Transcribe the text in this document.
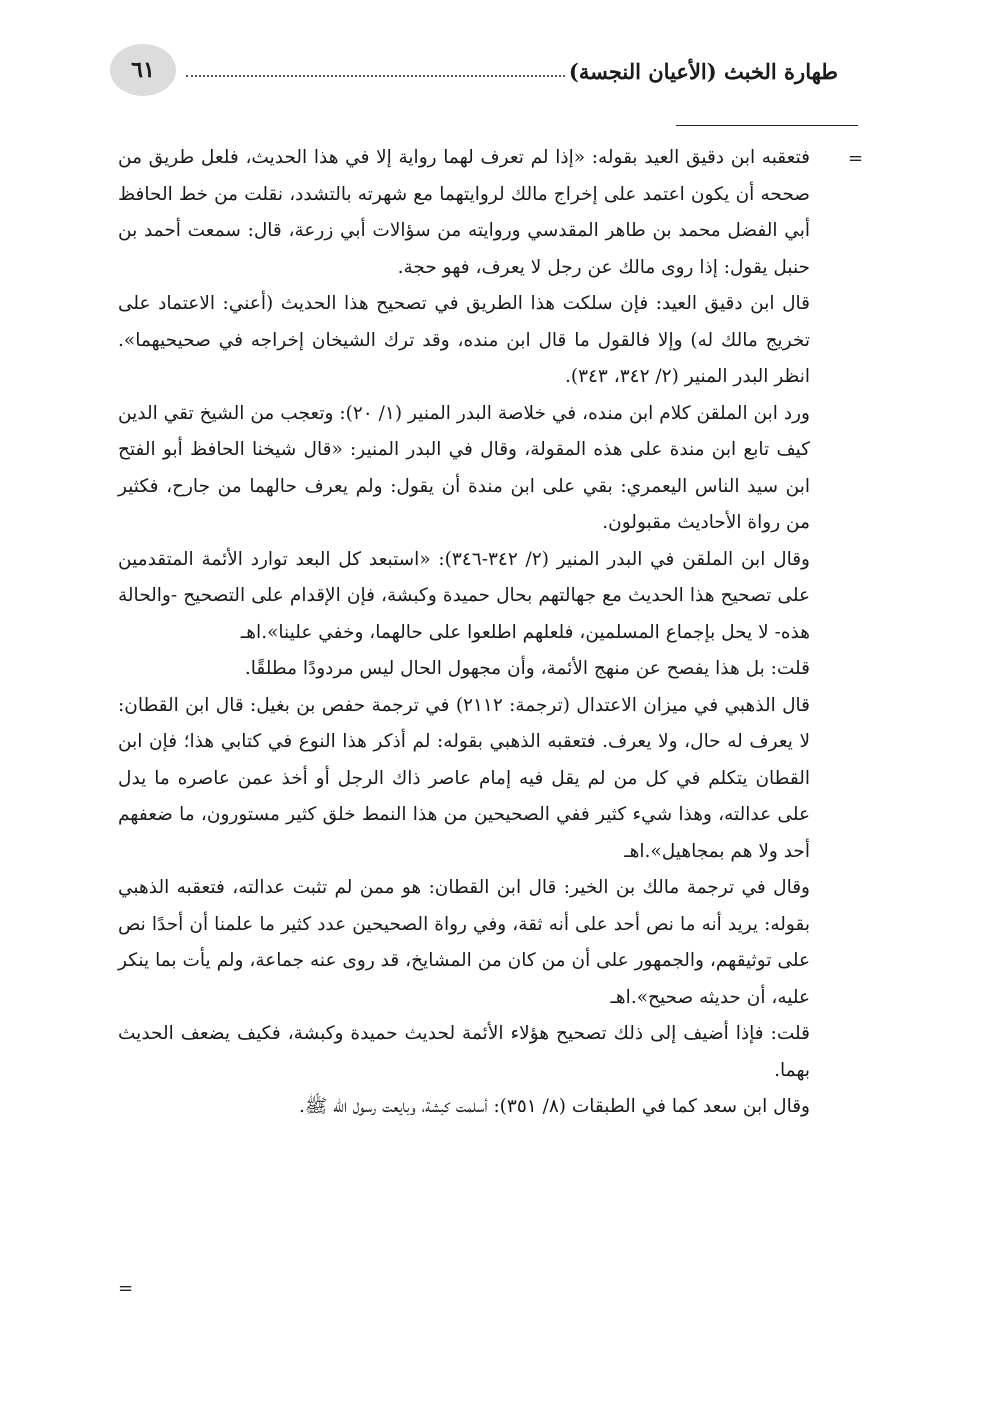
٦١	طهارة الخبث (الأعيان النجسة)
=

فتعقبه ابن دقيق العيد بقوله: «إذا لم تعرف لهما رواية إلا في هذا الحديث، فلعل طريق من صححه أن يكون اعتمد على إخراج مالك لروايتهما مع شهرته بالتشدد، نقلت من خط الحافظ أبي الفضل محمد بن طاهر المقدسي وروايته من سؤالات أبي زرعة، قال: سمعت أحمد بن حنبل يقول: إذا روى مالك عن رجل لا يعرف، فهو حجة.

قال ابن دقيق العيد: فإن سلكت هذا الطريق في تصحيح هذا الحديث (أعني: الاعتماد على تخريج مالك له) وإلا فالقول ما قال ابن منده، وقد ترك الشيخان إخراجه في صحيحيهما». انظر البدر المنير (٢/ ٣٤٢، ٣٤٣).

ورد ابن الملقن كلام ابن منده، في خلاصة البدر المنير (١/ ٢٠): وتعجب من الشيخ تقي الدين كيف تابع ابن مندة على هذه المقولة، وقال في البدر المنير: «قال شيخنا الحافظ أبو الفتح ابن سيد الناس اليعمري: بقي على ابن مندة أن يقول: ولم يعرف حالهما من جارح، فكثير من رواة الأحاديث مقبولون.

وقال ابن الملقن في البدر المنير (٢/ ٣٤٢-٣٤٦): «استبعد كل البعد توارد الأئمة المتقدمين على تصحيح هذا الحديث مع جهالتهم بحال حميدة وكبشة، فإن الإقدام على التصحيح -والحالة هذه- لا يحل بإجماع المسلمين، فلعلهم اطلعوا على حالهما، وخفي علينا».اهـ

قلت: بل هذا يفصح عن منهج الأئمة، وأن مجهول الحال ليس مردودًا مطلقًا.

قال الذهبي في ميزان الاعتدال (ترجمة: ٢١١٢) في ترجمة حفص بن بغيل: قال ابن القطان: لا يعرف له حال، ولا يعرف. فتعقبه الذهبي بقوله: لم أذكر هذا النوع في كتابي هذا؛ فإن ابن القطان يتكلم في كل من لم يقل فيه إمام عاصر ذاك الرجل أو أخذ عمن عاصره ما يدل على عدالته، وهذا شيء كثير ففي الصحيحين من هذا النمط خلق كثير مستورون، ما ضعفهم أحد ولا هم بمجاهيل».اهـ

وقال في ترجمة مالك بن الخير: قال ابن القطان: هو ممن لم تثبت عدالته، فتعقبه الذهبي بقوله: يريد أنه ما نص أحد على أنه ثقة، وفي رواة الصحيحين عدد كثير ما علمنا أن أحدًا نص على توثيقهم، والجمهور على أن من كان من المشايخ، قد روى عنه جماعة، ولم يأت بما ينكر عليه، أن حديثه صحيح».اهـ

قلت: فإذا أضيف إلى ذلك تصحيح هؤلاء الأئمة لحديث حميدة وكبشة، فكيف يضعف الحديث بهما.

وقال ابن سعد كما في الطبقات (٨/ ٣٥١): أسلمت كبشة، وبايعت رسول الله ﷺ.

=
